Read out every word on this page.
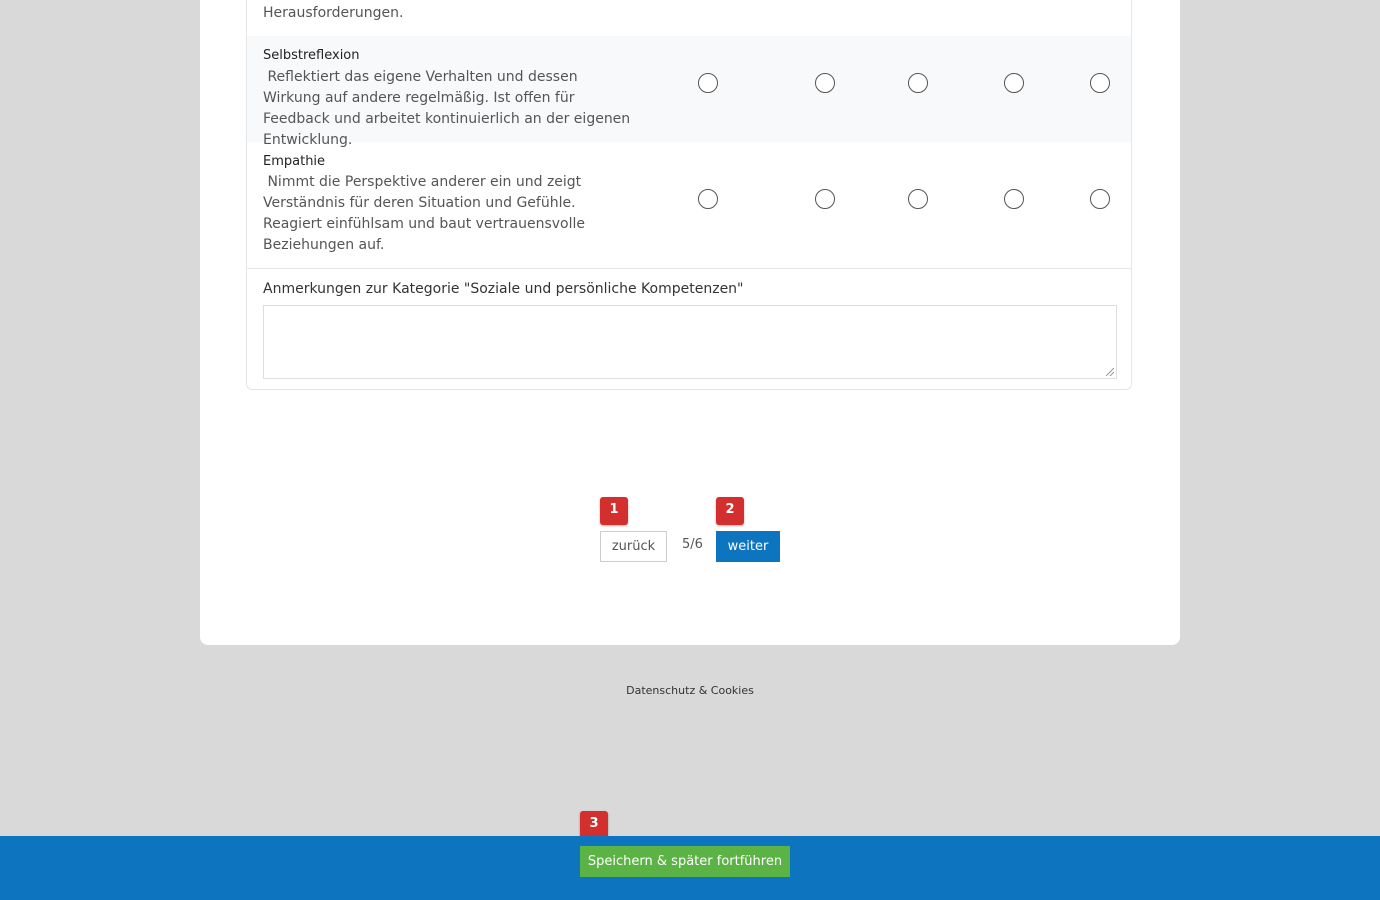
Herausforderungen.
Selbstreflexion
Reflektiert das eigene Verhalten und dessen Wirkung auf andere regelmäßig. Ist offen für Feedback und arbeitet kontinuierlich an der eigenen Entwicklung.
Empathie
Nimmt die Perspektive anderer ein und zeigt Verständnis für deren Situation und Gefühle. Reagiert einfühlsam und baut vertrauensvolle Beziehungen auf.
Anmerkungen zur Kategorie "Soziale und persönliche Kompetenzen"
1	2
zurück	5/6	weiter
Datenschutz & Cookies
3
Speichern & später fortführen
